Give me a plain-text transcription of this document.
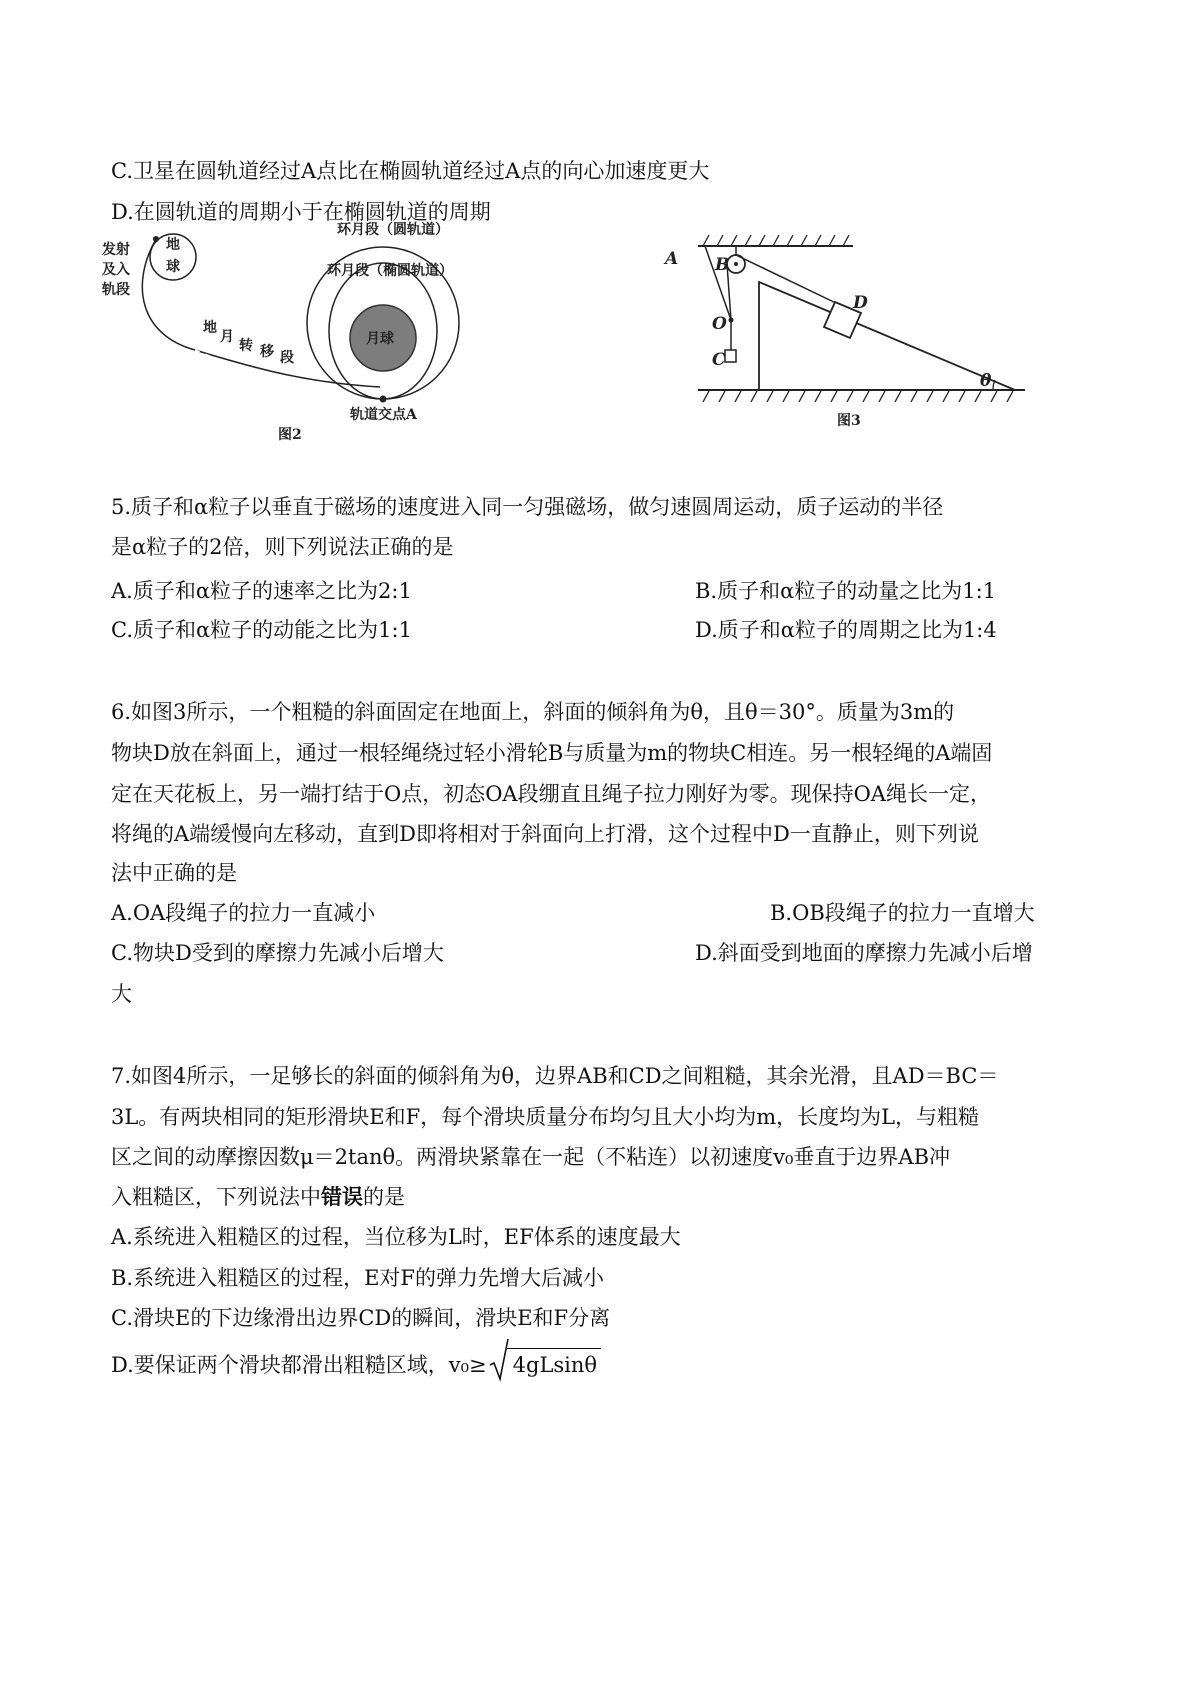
C.卫星在圆轨道经过A点比在椭圆轨道经过A点的向心加速度更大
D.在圆轨道的周期小于在椭圆轨道的周期
地
球
发射
及入
轨段
地
月
转 移 段
月球
环月段（圆轨道）
环月段（椭圆轨道）
轨道交点A
图2
A B
O
C
D
θ
图3
5.质子和α粒子以垂直于磁场的速度进入同一匀强磁场，做匀速圆周运动，质子运动的半径
是α粒子的2倍，则下列说法正确的是
A.质子和α粒子的速率之比为2:1	B.质子和α粒子的动量之比为1:1
C.质子和α粒子的动能之比为1:1	D.质子和α粒子的周期之比为1:4
6.如图3所示，一个粗糙的斜面固定在地面上，斜面的倾斜角为θ，且θ＝30°。质量为3m的
物块D放在斜面上，通过一根轻绳绕过轻小滑轮B与质量为m的物块C相连。另一根轻绳的A端固
定在天花板上，另一端打结于O点，初态OA段绷直且绳子拉力刚好为零。现保持OA绳长一定，
将绳的A端缓慢向左移动，直到D即将相对于斜面向上打滑，这个过程中D一直静止，则下列说
法中正确的是
A.OA段绳子的拉力一直减小	B.OB段绳子的拉力一直增大
C.物块D受到的摩擦力先减小后增大	D.斜面受到地面的摩擦力先减小后增
大
7.如图4所示，一足够长的斜面的倾斜角为θ，边界AB和CD之间粗糙，其余光滑，且AD＝BC＝
3L。有两块相同的矩形滑块E和F，每个滑块质量分布均匀且大小均为m，长度均为L，与粗糙
区之间的动摩擦因数μ＝2tanθ。两滑块紧靠在一起（不粘连）以初速度v₀垂直于边界AB冲
入粗糙区，下列说法中错误的是
A.系统进入粗糙区的过程，当位移为L时，EF体系的速度最大
B.系统进入粗糙区的过程，E对F的弹力先增大后减小
C.滑块E的下边缘滑出边界CD的瞬间，滑块E和F分离
D.要保证两个滑块都滑出粗糙区域，v₀≥ 4gLsinθ
